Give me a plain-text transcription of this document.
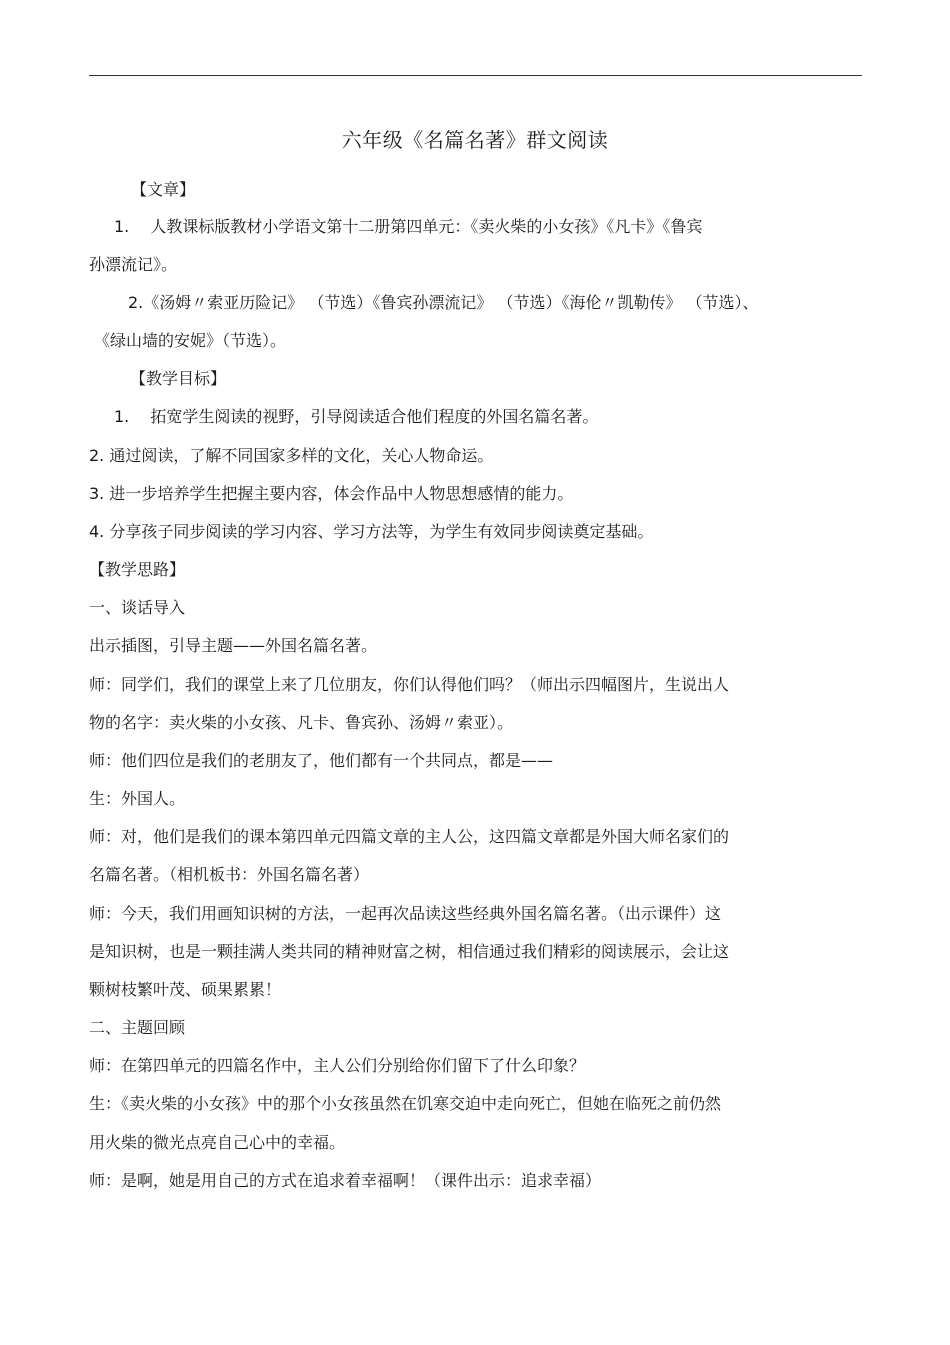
六年级《名篇名著》群文阅读
【文章】
1.　 人教课标版教材小学语文第十二册第四单元：《卖火柴的小女孩》《凡卡》《鲁宾
孙漂流记》。
2.《汤姆〃索亚历险记》 （节选）《鲁宾孙漂流记》 （节选）《海伦〃凯勒传》 （节选）、
《绿山墙的安妮》（节选）。
【教学目标】
1.　 拓宽学生阅读的视野，引导阅读适合他们程度的外国名篇名著。
2. 通过阅读，了解不同国家多样的文化，关心人物命运。
3. 进一步培养学生把握主要内容，体会作品中人物思想感情的能力。
4. 分享孩子同步阅读的学习内容、学习方法等，为学生有效同步阅读奠定基础。
【教学思路】
一、谈话导入
出示插图，引导主题——外国名篇名著。
师：同学们，我们的课堂上来了几位朋友，你们认得他们吗？（师出示四幅图片，生说出人
物的名字：卖火柴的小女孩、凡卡、鲁宾孙、汤姆〃索亚）。
师：他们四位是我们的老朋友了，他们都有一个共同点，都是——
生：外国人。
师：对，他们是我们的课本第四单元四篇文章的主人公，这四篇文章都是外国大师名家们的
名篇名著。（相机板书：外国名篇名著）
师：今天，我们用画知识树的方法，一起再次品读这些经典外国名篇名著。（出示课件）这
是知识树，也是一颗挂满人类共同的精神财富之树，相信通过我们精彩的阅读展示，会让这
颗树枝繁叶茂、硕果累累！
二、主题回顾
师：在第四单元的四篇名作中，主人公们分别给你们留下了什么印象？
生：《卖火柴的小女孩》中的那个小女孩虽然在饥寒交迫中走向死亡，但她在临死之前仍然
用火柴的微光点亮自己心中的幸福。
师：是啊，她是用自己的方式在追求着幸福啊！（课件出示：追求幸福）
